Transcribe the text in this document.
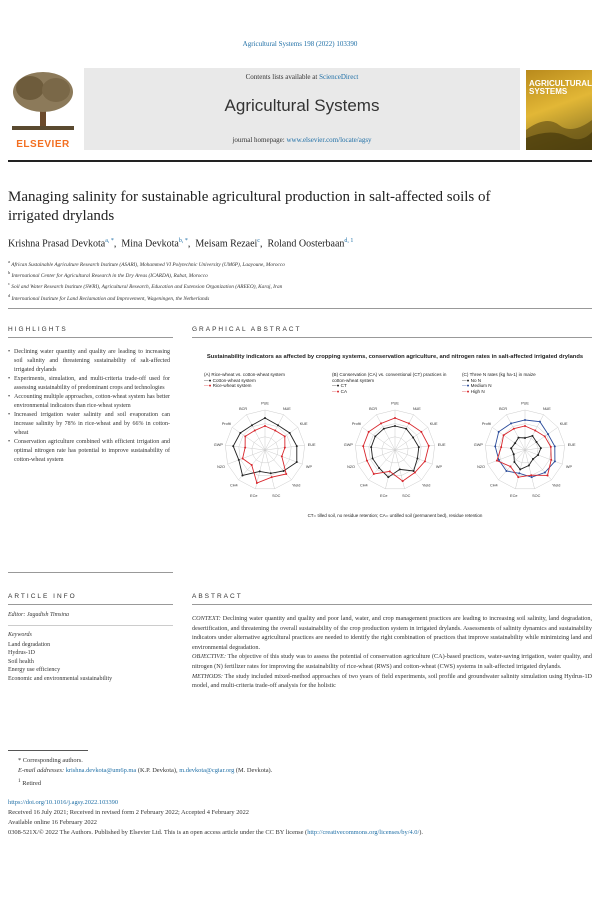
Agricultural Systems 198 (2022) 103390
ELSEVIER
Contents lists available at ScienceDirect
Agricultural Systems
journal homepage: www.elsevier.com/locate/agsy
AGRICULTURAL SYSTEMS
Managing salinity for sustainable agricultural production in salt-affected soils of irrigated drylands
Krishna Prasad Devkota$^{a, *}$,  Mina Devkota$^{b, *}$,  Meisam Rezaei$^c$,  Roland Oosterbaan$^{d, 1}$
$^a$ African Sustainable Agriculture Research Institute (ASARI), Mohammed VI Polytechnic University (UM6P), Laayoune, Morocco
$^b$ International Center for Agricultural Research in the Dry Areas (ICARDA), Rabat, Morocco
$^c$ Soil and Water Research Institute (SWRI), Agricultural Research, Education and Extension Organization (AREEO), Karaj, Iran
$^d$ International Institute for Land Reclamation and Improvement, Wageningen, the Netherlands
HIGHLIGHTS	GRAPHICAL ABSTRACT
• Declining water quantity and quality are leading to increasing soil salinity and threatening sustainability of salt-affected irrigated drylands
• Experiments, simulation, and multi-criteria trade-off used for assessing sustainability of predominant crops and technologies
• Accounting multiple approaches, cotton-wheat system has better environmental indicators than rice-wheat system
• Increased irrigation water salinity and soil evaporation can increase salinity by 78% in rice-wheat and by 66% in cotton-wheat
• Conservation agriculture combined with efficient irrigation and optimal nitrogen rate has potential to improve sustainability of cotton-wheat system
Sustainability indicators as affected by cropping systems, conservation agriculture, and nitrogen rates in salt-affected irrigated drylands
(A) Rice-wheat vs. cotton-wheat system
—● Cotton-wheat system
—● Rice-wheat system
(B) Conservation (CA) vs. conventional (CT) practices in cotton-wheat system
—● CT
—● CA
(C) Three N rates (kg ha-1) in maize
—● No N
—● Medium N
—● High N
PUE
NUE
KUE
EUE
WP
Yield
SOC
ECe
CH4
N2O
GWP
Profit
BCR
PUE
NUE
KUE
EUE
WP
Yield
SOC
ECe
CH4
N2O
GWP
Profit
BCR
PUE
NUE
KUE
EUE
WP
Yield
SOC
ECe
CH4
N2O
GWP
Profit
BCR
CT= tilled soil, no residue retention; CA= untilled soil (permanent bed), residue retention
ARTICLE INFO	ABSTRACT
Editor: Jagadish Timsina
Keywords
Land degradation
Hydrus-1D
Soil health
Energy use efficiency
Economic and environmental sustainability

CONTEXT: Declining water quantity and quality and poor land, water, and crop management practices are leading to increasing soil salinity, land degradation, desertification, and threatening the overall sustainability of the crop production system in irrigated drylands. Assessments of salinity dynamics and sustainability indicators under alternative agricultural practices are needed to identify the right combination of practices that improve sustainability while minimizing land and environmental degradation.

OBJECTIVE: The objective of this study was to assess the potential of conservation agriculture (CA)-based practices, water-saving irrigation, water quality, and nitrogen (N) fertilizer rates for improving the sustainability of rice-wheat (RWS) and cotton-wheat (CWS) systems in salt-affected irrigated drylands.

METHODS: The study included mixed-method approaches of two years of field experiments, soil profile and groundwater salinity simulation using Hydrus-1D model, and multi-criteria trade-off analysis for the holistic

* Corresponding authors.
E-mail addresses: krishna.devkota@um6p.ma (K.P. Devkota), m.devkota@cgiar.org (M. Devkota).
$^1$ Retired
https://doi.org/10.1016/j.agsy.2022.103390
Received 16 July 2021; Received in revised form 2 February 2022; Accepted 4 February 2022
Available online 16 February 2022
0308-521X/© 2022 The Authors. Published by Elsevier Ltd. This is an open access article under the CC BY license (http://creativecommons.org/licenses/by/4.0/).
